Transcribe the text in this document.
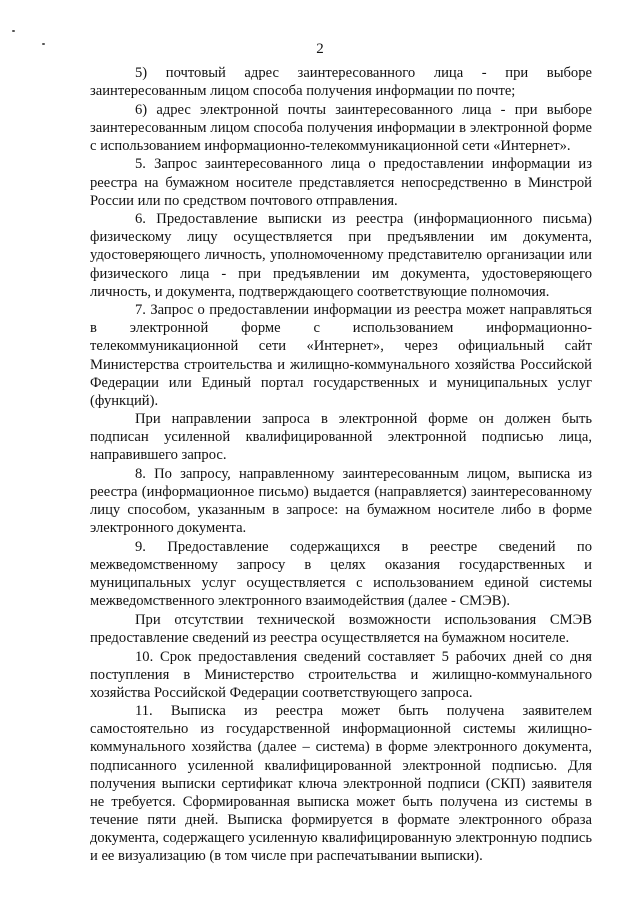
2

5) почтовый адрес заинтересованного лица - при выборе заинтересованным лицом способа получения информации по почте;

6) адрес электронной почты заинтересованного лица - при выборе заинтересованным лицом способа получения информации в электронной форме с использованием информационно-телекоммуникационной сети «Интернет».

5. Запрос заинтересованного лица о предоставлении информации из реестра на бумажном носителе представляется непосредственно в Минстрой России или по средством почтового отправления.

6. Предоставление выписки из реестра (информационного письма) физическому лицу осуществляется при предъявлении им документа, удостоверяющего личность, уполномоченному представителю организации или физического лица - при предъявлении им документа, удостоверяющего личность, и документа, подтверждающего соответствующие полномочия.

7. Запрос о предоставлении информации из реестра может направляться в электронной форме с использованием информационно-телекоммуникационной сети «Интернет», через официальный сайт Министерства строительства и жилищно-коммунального хозяйства Российской Федерации или Единый портал государственных и муниципальных услуг (функций).

При направлении запроса в электронной форме он должен быть подписан усиленной квалифицированной электронной подписью лица, направившего запрос.

8. По запросу, направленному заинтересованным лицом, выписка из реестра (информационное письмо) выдается (направляется) заинтересованному лицу способом, указанным в запросе: на бумажном носителе либо в форме электронного документа.

9. Предоставление содержащихся в реестре сведений по межведомственному запросу в целях оказания государственных и муниципальных услуг осуществляется с использованием единой системы межведомственного электронного взаимодействия (далее - СМЭВ).

При отсутствии технической возможности использования СМЭВ предоставление сведений из реестра осуществляется на бумажном носителе.

10. Срок предоставления сведений составляет 5 рабочих дней со дня поступления в Министерство строительства и жилищно-коммунального хозяйства Российской Федерации соответствующего запроса.

11. Выписка из реестра может быть получена заявителем самостоятельно из государственной информационной системы жилищно-коммунального хозяйства (далее – система) в форме электронного документа, подписанного усиленной квалифицированной электронной подписью. Для получения выписки сертификат ключа электронной подписи (СКП) заявителя не требуется. Сформированная выписка может быть получена из системы в течение пяти дней. Выписка формируется в формате электронного образа документа, содержащего усиленную квалифицированную электронную подпись и ее визуализацию (в том числе при распечатывании выписки).
